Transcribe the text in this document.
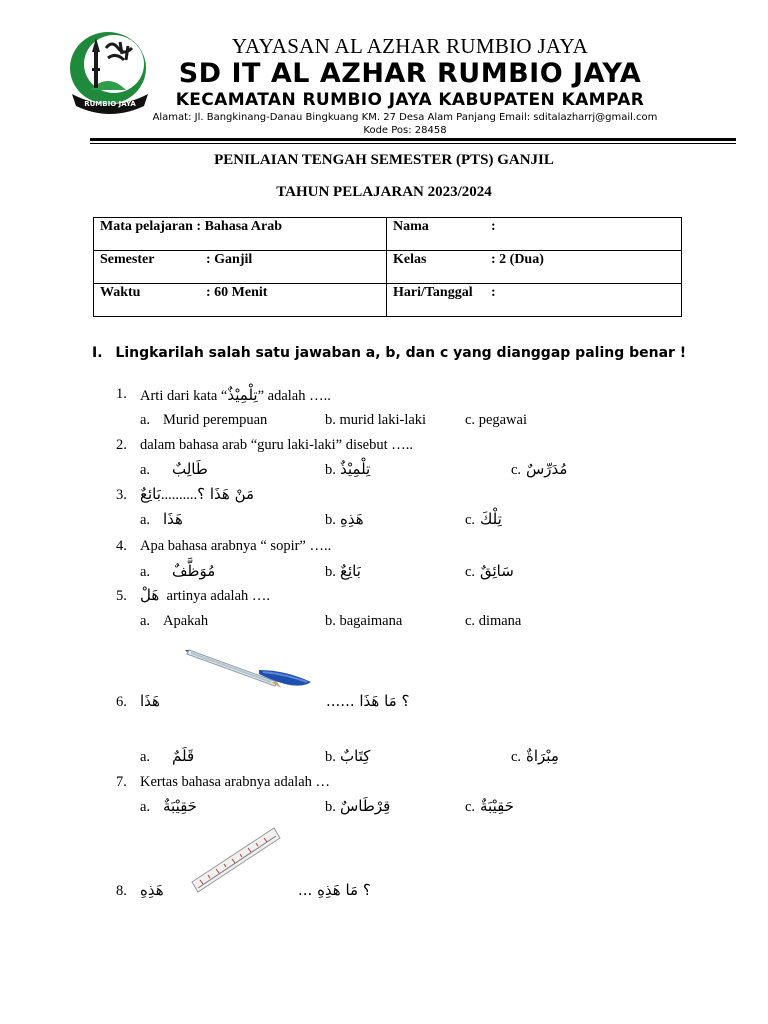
RUMBIO JAYA
YAYASAN AL AZHAR RUMBIO JAYA
SD IT AL AZHAR RUMBIO JAYA
KECAMATAN RUMBIO JAYA KABUPATEN KAMPAR
Alamat: Jl. Bangkinang-Danau Bingkuang KM. 27 Desa Alam Panjang Email: sditalazharrj@gmail.com Kode Pos: 28458
PENILAIAN TENGAH SEMESTER (PTS) GANJIL
TAHUN PELAJARAN 2023/2024
Mata pelajaran : Bahasa Arab	Nama :
Semester : Ganjil	Kelas : 2 (Dua)
Waktu : 60 Menit	Hari/Tanggal :
I. Lingkarilah salah satu jawaban a, b, dan c yang dianggap paling benar !
1. Arti dari kata “تِلْمِيْذٌ” adalah …..
a. Murid perempuan	b. murid laki-laki	c. pegawai
2. dalam bahasa arab “guru laki-laki” disebut …..
a. طَالِبٌ	b. تِلْمِيْذٌ	c. مُدَرِّسٌ
3. بَائِعٌ..........مَنْ هَذَا ؟
a. هَذَا	b. هَذِهِ	c. تِلْكَ
4. Apa bahasa arabnya “ sopir” …..
a. مُوَظَّفٌ	b. بَائِعٌ	c. سَائِقٌ
5. هَلْ artinya adalah ….
a. Apakah	b. bagaimana	c. dimana
6. هَذَا	؟ مَا هَذَا ......
a. قَلَمٌ	b. كِتَابٌ	c. مِبْرَاةٌ
7. Kertas bahasa arabnya adalah …
a. حَقِيْبَةٌ	b. قِرْطَاسٌ	c. حَقِيْبَةٌ
8. هَذِهِ	؟ مَا هَذِهِ ...
